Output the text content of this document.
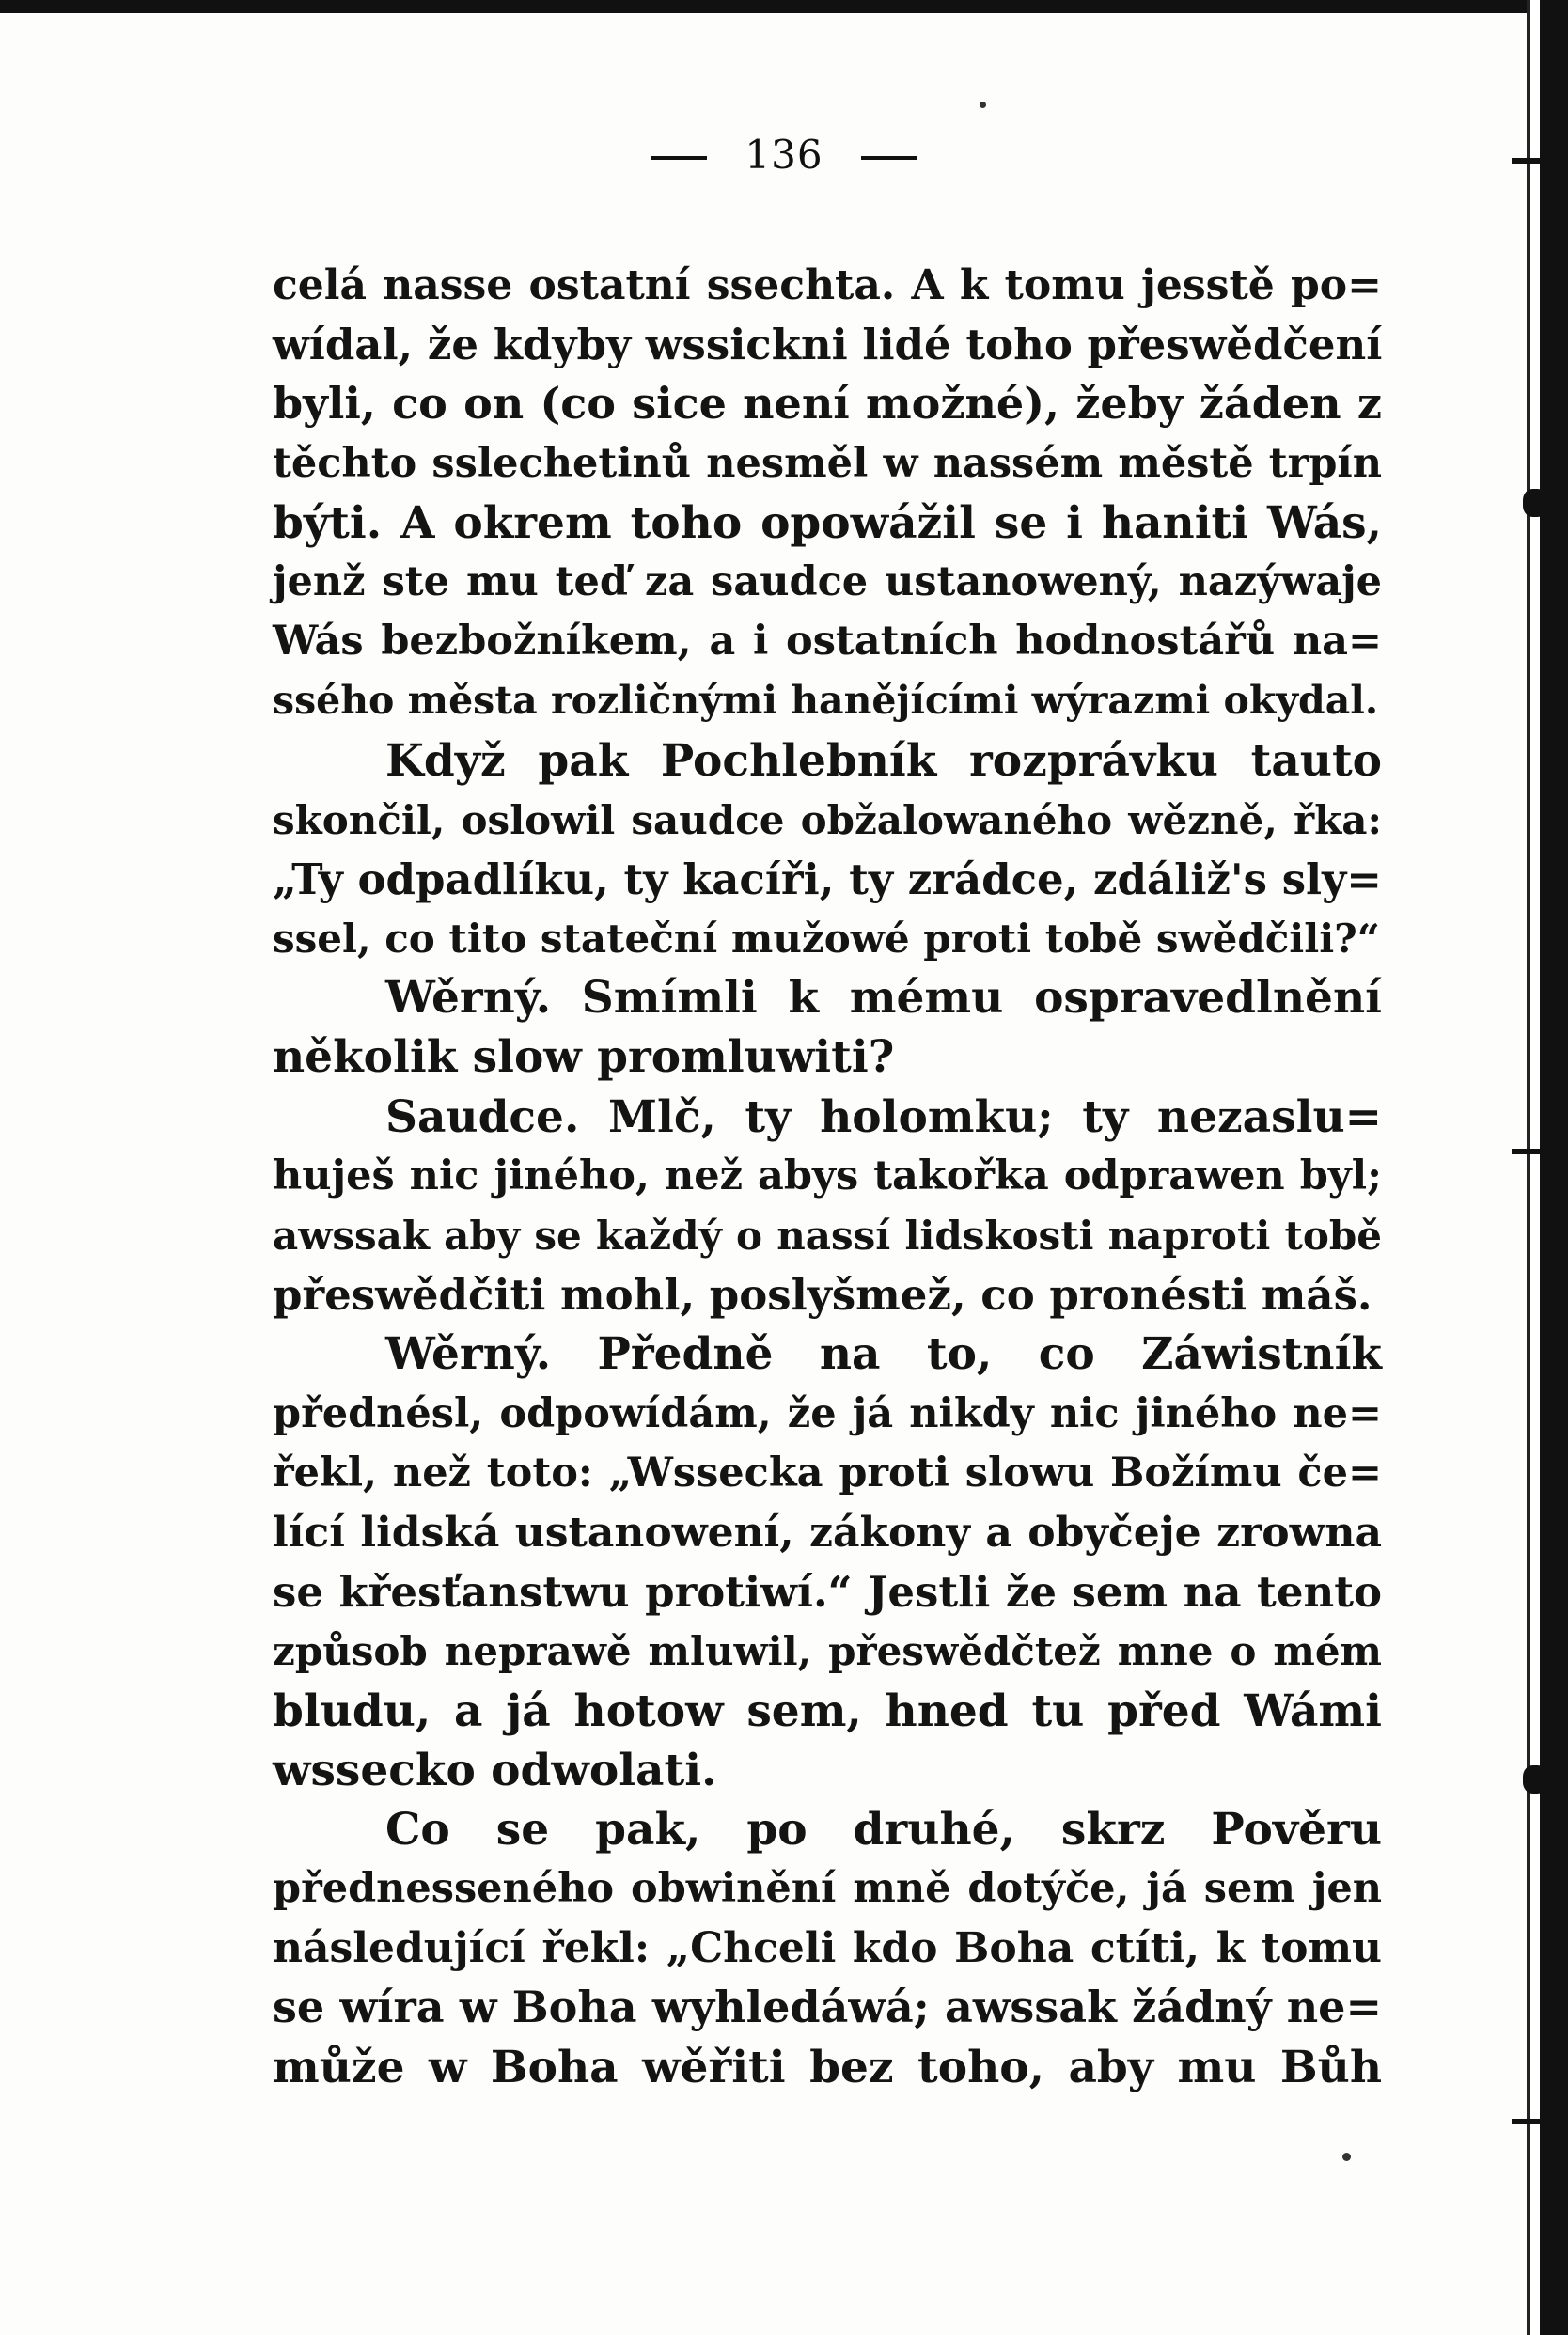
136
celá nasse ostatní ssechta. A k tomu jesstě po=
wídal, že kdyby wssickni lidé toho přeswědčení
byli, co on (co sice není možné), žeby žáden z
těchto sslechetinů nesměl w nassém městě trpín
býti. A okrem toho opowážil se i haniti Wás,
jenž ste mu teď za saudce ustanowený, nazýwaje
Wás bezbožníkem, a i ostatních hodnostářů na=
ssého města rozličnými hanějícími wýrazmi okydal.
Když pak Pochlebník rozprávku tauto
skončil, oslowil saudce obžalowaného wězně, řka:
„Ty odpadlíku, ty kacíři, ty zrádce, zdáliž's sly=
ssel, co tito stateční mužowé proti tobě swědčili?“
Wěrný. Smímli k mému ospravedlnění
několik slow promluwiti?
Saudce. Mlč, ty holomku; ty nezaslu=
huješ nic jiného, než abys takořka odprawen byl;
awssak aby se každý o nassí lidskosti naproti tobě
přeswědčiti mohl, poslyšmež, co pronésti máš.
Wěrný. Předně na to, co Záwistník
přednésl, odpowídám, že já nikdy nic jiného ne=
řekl, než toto: „Wssecka proti slowu Božímu če=
lící lidská ustanowení, zákony a obyčeje zrowna
se křesťanstwu protiwí.“ Jestli že sem na tento
způsob neprawě mluwil, přeswědčtež mne o mém
bludu, a já hotow sem, hned tu před Wámi
wssecko odwolati.
Co se pak, po druhé, skrz Pověru
přednesseného obwinění mně dotýče, já sem jen
následující řekl: „Chceli kdo Boha ctíti, k tomu
se wíra w Boha wyhledáwá; awssak žádný ne=
může w Boha wěřiti bez toho, aby mu Bůh
